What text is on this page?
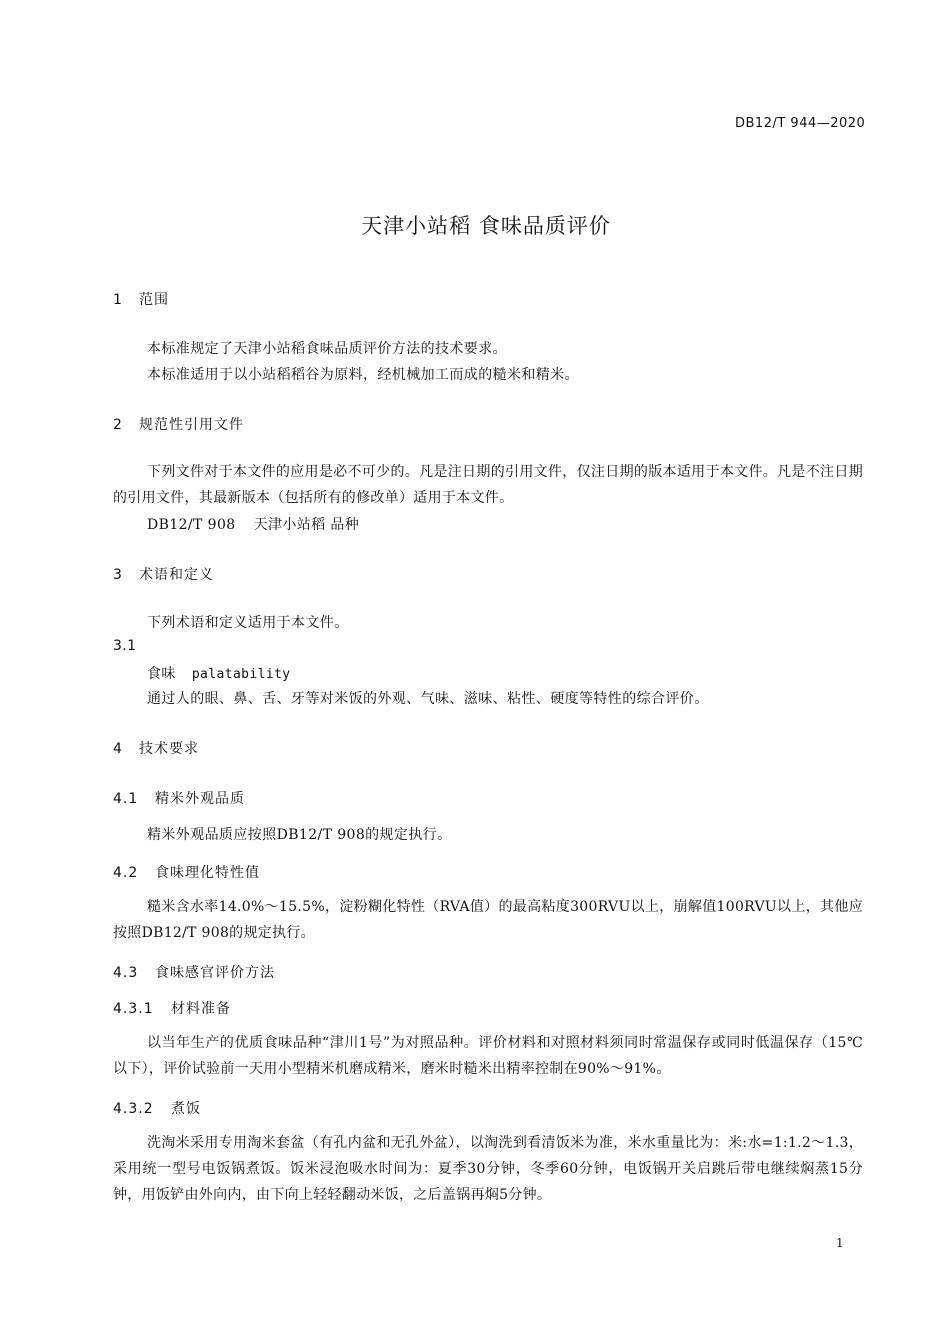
DB12/T 944—2020
天津小站稻 食味品质评价
1 范围
本标准规定了天津小站稻食味品质评价方法的技术要求。
本标准适用于以小站稻稻谷为原料，经机械加工而成的糙米和精米。
2 规范性引用文件
下列文件对于本文件的应用是必不可少的。凡是注日期的引用文件，仅注日期的版本适用于本文件。凡是不注日期的引用文件，其最新版本（包括所有的修改单）适用于本文件。
DB12/T 908 天津小站稻 品种
3 术语和定义
下列术语和定义适用于本文件。
3.1
食味 palatability
通过人的眼、鼻、舌、牙等对米饭的外观、气味、滋味、粘性、硬度等特性的综合评价。
4 技术要求
4.1 精米外观品质
精米外观品质应按照DB12/T 908的规定执行。
4.2 食味理化特性值
糙米含水率14.0%～15.5%，淀粉糊化特性（RVA值）的最高粘度300RVU以上，崩解值100RVU以上，其他应按照DB12/T 908的规定执行。
4.3 食味感官评价方法
4.3.1 材料准备
以当年生产的优质食味品种“津川1号”为对照品种。评价材料和对照材料须同时常温保存或同时低温保存（15℃以下），评价试验前一天用小型精米机磨成精米，磨米时糙米出精率控制在90%～91%。
4.3.2 煮饭
洗淘米采用专用淘米套盆（有孔内盆和无孔外盆），以淘洗到看清饭米为准，米水重量比为：米:水=1:1.2～1.3，采用统一型号电饭锅煮饭。饭米浸泡吸水时间为：夏季30分钟，冬季60分钟，电饭锅开关启跳后带电继续焖蒸15分钟，用饭铲由外向内，由下向上轻轻翻动米饭，之后盖锅再焖5分钟。
1
